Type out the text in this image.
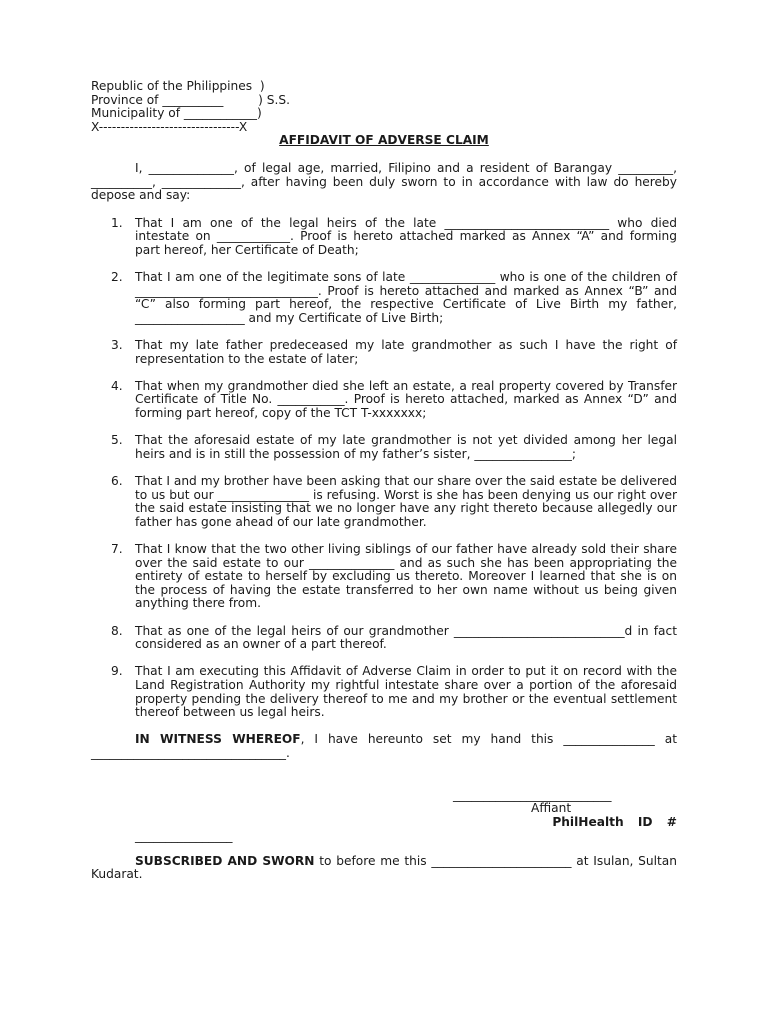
Republic of the Philippines  )
Province of __________         ) S.S.
Municipality of ____________)
X--------------------------------X
AFFIDAVIT OF ADVERSE CLAIM

I, ______________, of legal age, married, Filipino and a resident of Barangay _________, __________, _____________, after having been duly sworn to in accordance with law do hereby depose and say:

1. That I am one of the legal heirs of the late ___________________________ who died intestate on ____________. Proof is hereto attached marked as Annex “A” and forming part hereof, her Certificate of Death;
2. That I am one of the legitimate sons of late ______________ who is one of the children of ______________________________. Proof is hereto attached and marked as Annex “B” and “C” also forming part hereof, the respective Certificate of Live Birth my father, __________________ and my Certificate of Live Birth;
3. That my late father predeceased my late grandmother as such I have the right of representation to the estate of later;
4. That when my grandmother died she left an estate, a real property covered by Transfer Certificate of Title No. ___________. Proof is hereto attached, marked as Annex “D” and forming part hereof, copy of the TCT T-xxxxxxx;
5. That the aforesaid estate of my late grandmother is not yet divided among her legal heirs and is in still the possession of my father’s sister, ________________;
6. That I and my brother have been asking that our share over the said estate be delivered to us but our _______________ is refusing. Worst is she has been denying us our right over the said estate insisting that we no longer have any right thereto because allegedly our father has gone ahead of our late grandmother.
7. That I know that the two other living siblings of our father have already sold their share over the said estate to our ______________ and as such she has been appropriating the entirety of estate to herself by excluding us thereto. Moreover I learned that she is on the process of having the estate transferred to her own name without us being given anything there from.
8. That as one of the legal heirs of our grandmother ____________________________d in fact considered as an owner of a part thereof.
9. That I am executing this Affidavit of Adverse Claim in order to put it on record with the Land Registration Authority my rightful intestate share over a portion of the aforesaid property pending the delivery thereof to me and my brother or the eventual settlement thereof between us legal heirs.

IN WITNESS WHEREOF, I have hereunto set my hand this _______________ at ________________________________.

__________________________
Affiant
PhilHealth ID #
________________

SUBSCRIBED AND SWORN to before me this _______________________ at Isulan, Sultan Kudarat.
